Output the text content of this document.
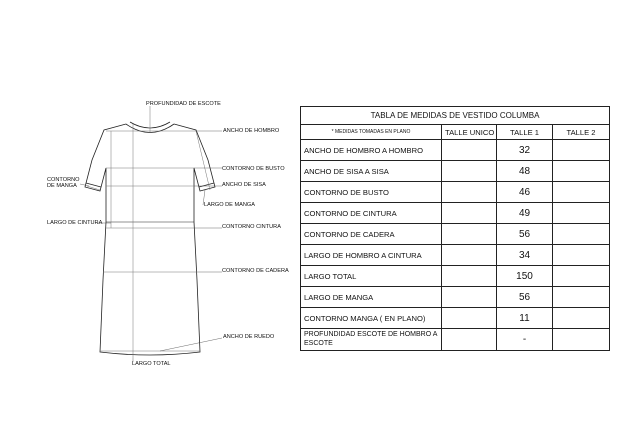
PROFUNDIDAD DE ESCOTE
ANCHO DE HOMBRO
CONTORNO DE BUSTO
ANCHO DE SISA
LARGO DE MANGA
CONTORNO CINTURA
CONTORNO DE CADERA
ANCHO DE RUEDO
LARGO TOTAL
CONTORNO DE MANGA
LARGO DE CINTURA
TABLA DE MEDIDAS DE VESTIDO COLUMBA			
* MEDIDAS TOMADAS EN PLANO	TALLE UNICO	TALLE 1	TALLE 2
ANCHO DE HOMBRO A HOMBRO		32	
ANCHO DE SISA A SISA		48	
CONTORNO DE BUSTO		46	
CONTORNO DE CINTURA		49	
CONTORNO DE CADERA		56	
LARGO DE HOMBRO A CINTURA		34	
LARGO TOTAL		150	
LARGO DE MANGA		56	
CONTORNO MANGA ( EN PLANO)		11	
PROFUNDIDAD ESCOTE DE HOMBRO A ESCOTE		-	
